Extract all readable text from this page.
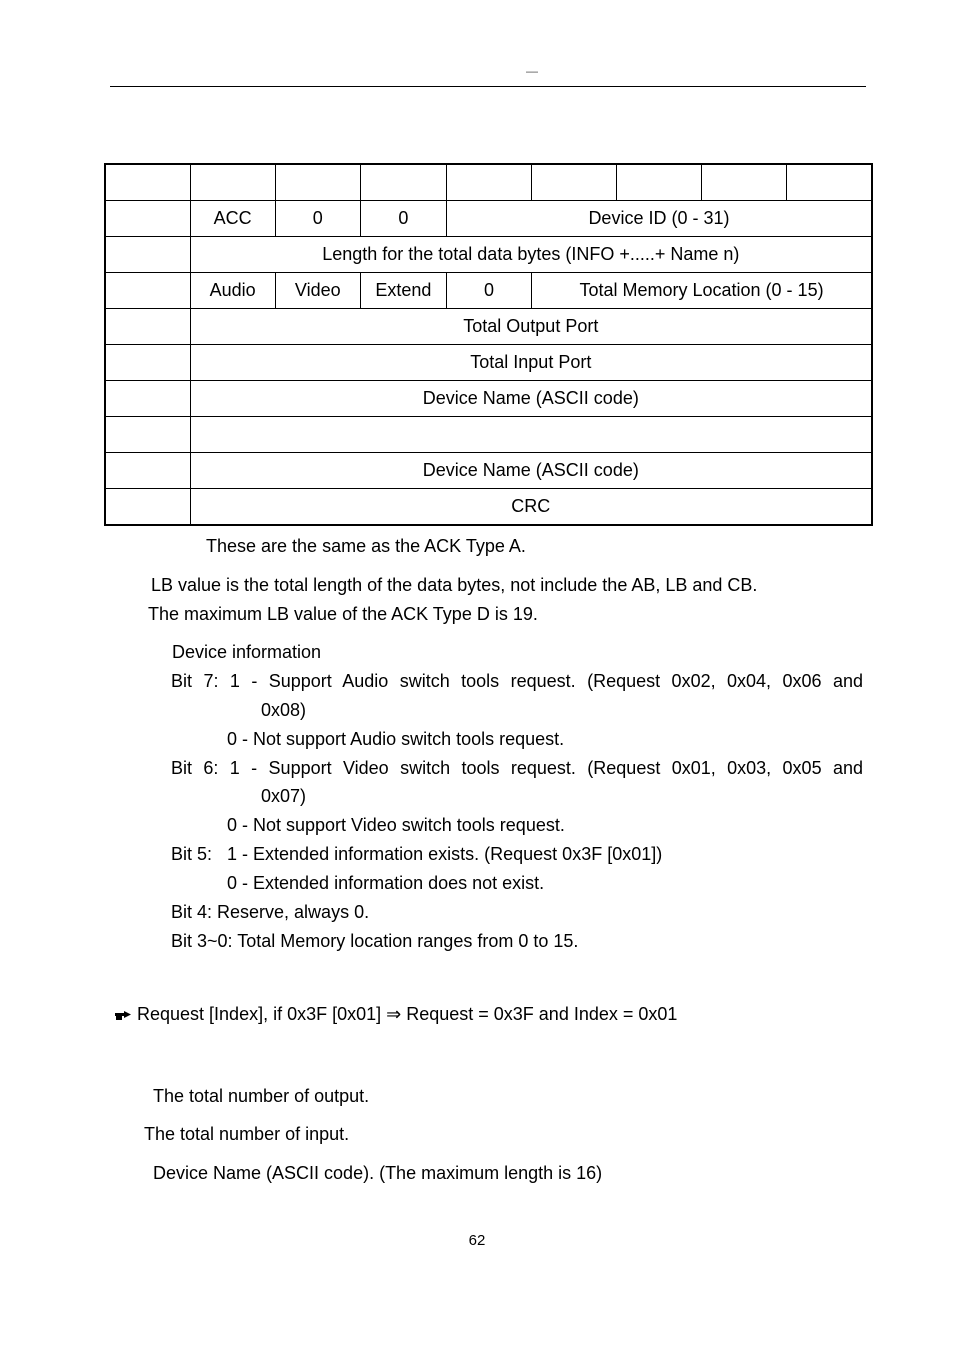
—

	ACC	0	0	Device ID (0 - 31)				
	Length for the total data bytes (INFO +.....+ Name n)							
	Audio	Video	Extend	0	Total Memory Location (0 - 15)			
	Total Output Port							
	Total Input Port							
	Device Name (ASCII code)							

	Device Name (ASCII code)							
	CRC							
These are the same as the ACK Type A.
LB value is the total length of the data bytes, not include the AB, LB and CB.
The maximum LB value of the ACK Type D is 19.
Device information
Bit 7: 1 - Support Audio switch tools request. (Request 0x02, 0x04, 0x06 and
0x08)
0 - Not support Audio switch tools request.
Bit 6: 1 - Support Video switch tools request. (Request 0x01, 0x03, 0x05 and
0x07)
0 - Not support Video switch tools request.
Bit 5:   1 - Extended information exists. (Request 0x3F [0x01])
0 - Extended information does not exist.
Bit 4: Reserve, always 0.
Bit 3~0: Total Memory location ranges from 0 to 15.
Request [Index], if 0x3F [0x01] ⇒ Request = 0x3F and Index = 0x01
The total number of output.
The total number of input.
Device Name (ASCII code). (The maximum length is 16)
62
